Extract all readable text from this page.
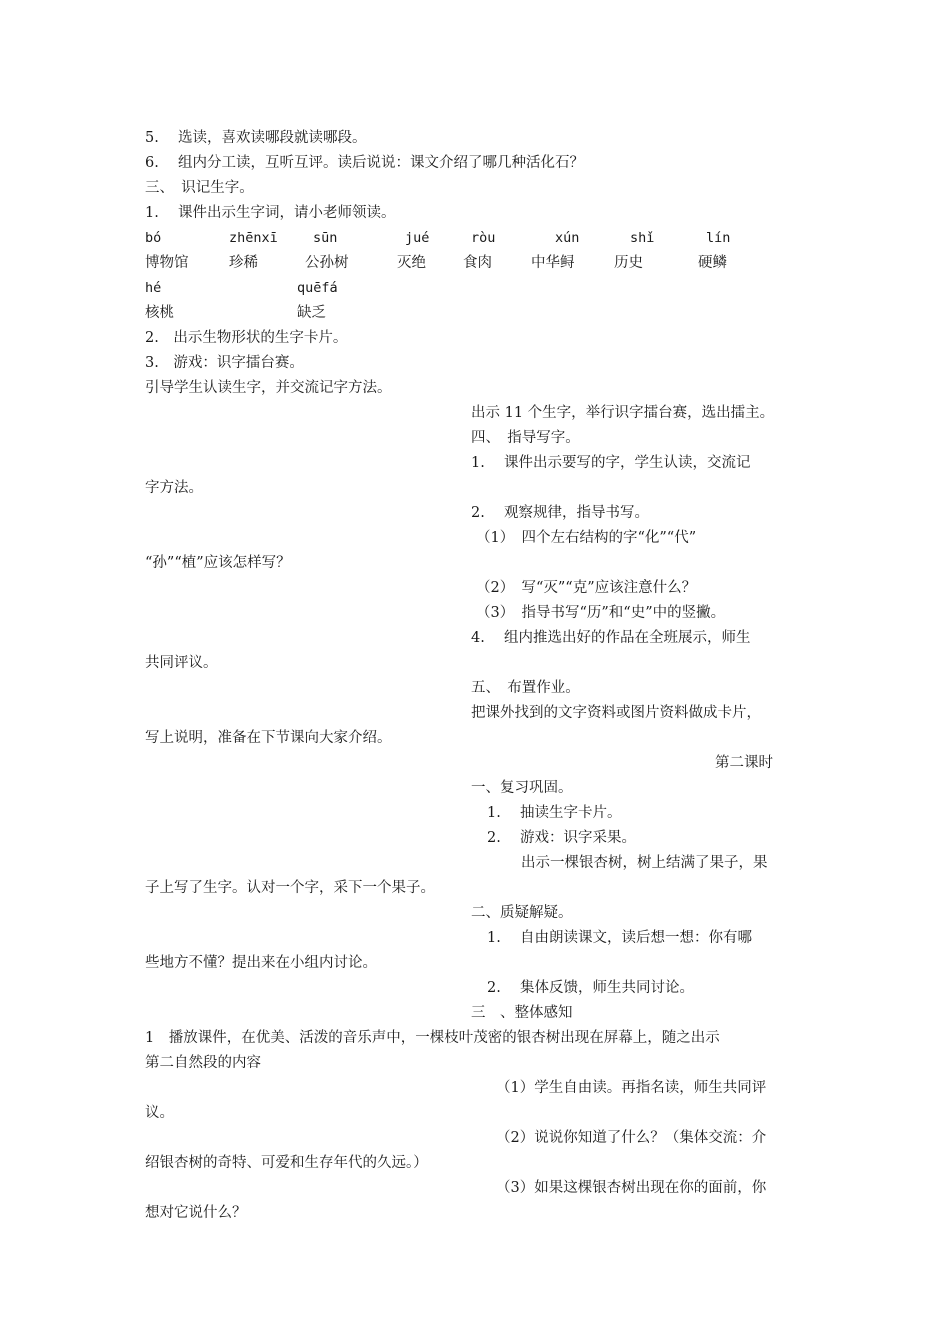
5.　 选读，喜欢读哪段就读哪段。
6.　 组内分工读，互听互评。读后说说：课文介绍了哪几种活化石？
三、　识记生字。
1.　 课件出示生字词，请小老师领读。
bó
博物馆
zhēnxī
珍稀
sūn
公孙树
jué
灭绝
ròu
食肉
xún
中华鲟
shǐ
历史
lín
硬鳞
hé
核桃
quēfá
缺乏
2.　出示生物形状的生字卡片。
3.　游戏：识字擂台赛。
引导学生认读生字，并交流记字方法。
出示 11 个生字，举行识字擂台赛，选出擂主。
四、　指导写字。
1.　 课件出示要写的字，学生认读，交流记
字方法。
2.　 观察规律，指导书写。
（1）　四个左右结构的字“化”“代”
“孙”“植”应该怎样写？
（2）　写“灭”“克”应该注意什么？
（3）　指导书写“历”和“史”中的竖撇。
4.　 组内推选出好的作品在全班展示，师生
共同评议。
五、　布置作业。
把课外找到的文字资料或图片资料做成卡片，
写上说明，准备在下节课向大家介绍。
第二课时
一、复习巩固。
1.　 抽读生字卡片。
2.　 游戏：识字采果。
出示一棵银杏树，树上结满了果子，果
子上写了生字。认对一个字，采下一个果子。
二、质疑解疑。
1.　 自由朗读课文，读后想一想：你有哪
些地方不懂？提出来在小组内讨论。
2.　 集体反馈，师生共同讨论。
三　、整体感知
1　播放课件，在优美、活泼的音乐声中，一棵枝叶茂密的银杏树出现在屏幕上，随之出示
第二自然段的内容
（1）学生自由读。再指名读，师生共同评
议。
（2）说说你知道了什么？（集体交流：介
绍银杏树的奇特、可爱和生存年代的久远。）
（3）如果这棵银杏树出现在你的面前，你
想对它说什么？
